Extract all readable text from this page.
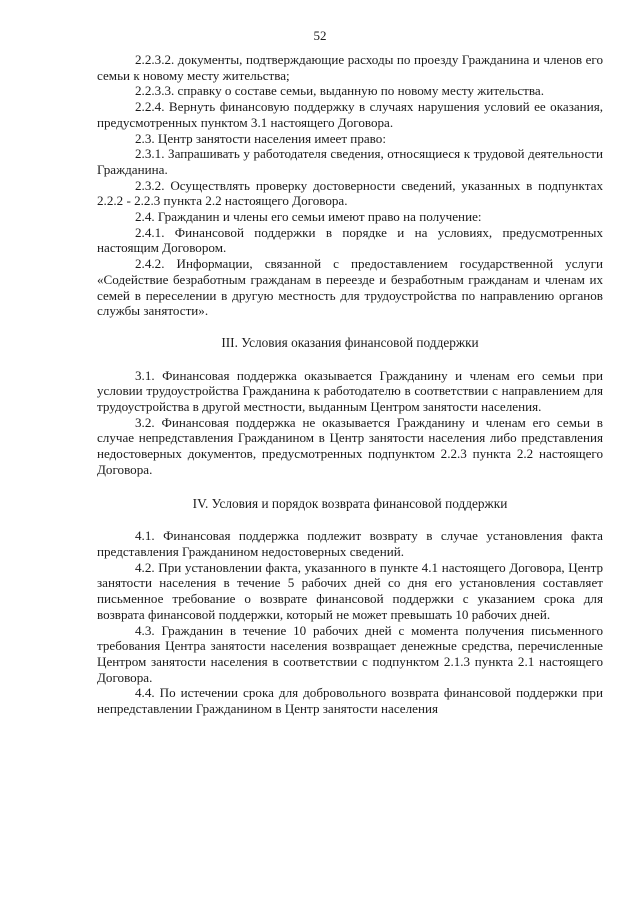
52

2.2.3.2. документы, подтверждающие расходы по проезду Гражданина и членов его семьи к новому месту жительства;

2.2.3.3. справку о составе семьи, выданную по новому месту жительства.

2.2.4. Вернуть финансовую поддержку в случаях нарушения условий ее оказания, предусмотренных пунктом 3.1 настоящего Договора.

2.3. Центр занятости населения имеет право:

2.3.1. Запрашивать у работодателя сведения, относящиеся к трудовой деятельности Гражданина.

2.3.2. Осуществлять проверку достоверности сведений, указанных в подпунктах 2.2.2 - 2.2.3 пункта 2.2 настоящего Договора.

2.4. Гражданин и члены его семьи имеют право на получение:

2.4.1. Финансовой поддержки в порядке и на условиях, предусмотренных настоящим Договором.

2.4.2. Информации, связанной с предоставлением государственной услуги «Содействие безработным гражданам в переезде и безработным гражданам и членам их семей в переселении в другую местность для трудоустройства по направлению органов службы занятости».

III. Условия оказания финансовой поддержки

3.1. Финансовая поддержка оказывается Гражданину и членам его семьи при условии трудоустройства Гражданина к работодателю в соответствии с направлением для трудоустройства в другой местности, выданным Центром занятости населения.

3.2. Финансовая поддержка не оказывается Гражданину и членам его семьи в случае непредставления Гражданином в Центр занятости населения либо представления недостоверных документов, предусмотренных подпунктом 2.2.3 пункта 2.2 настоящего Договора.

IV. Условия и порядок возврата финансовой поддержки

4.1. Финансовая поддержка подлежит возврату в случае установления факта представления Гражданином недостоверных сведений.

4.2. При установлении факта, указанного в пункте 4.1 настоящего Договора, Центр занятости населения в течение 5 рабочих дней со дня его установления составляет письменное требование о возврате финансовой поддержки с указанием срока для возврата финансовой поддержки, который не может превышать 10 рабочих дней.

4.3. Гражданин в течение 10 рабочих дней с момента получения письменного требования Центра занятости населения возвращает денежные средства, перечисленные Центром занятости населения в соответствии с подпунктом 2.1.3 пункта 2.1 настоящего Договора.

4.4. По истечении срока для добровольного возврата финансовой поддержки при непредставлении Гражданином в Центр занятости населения
